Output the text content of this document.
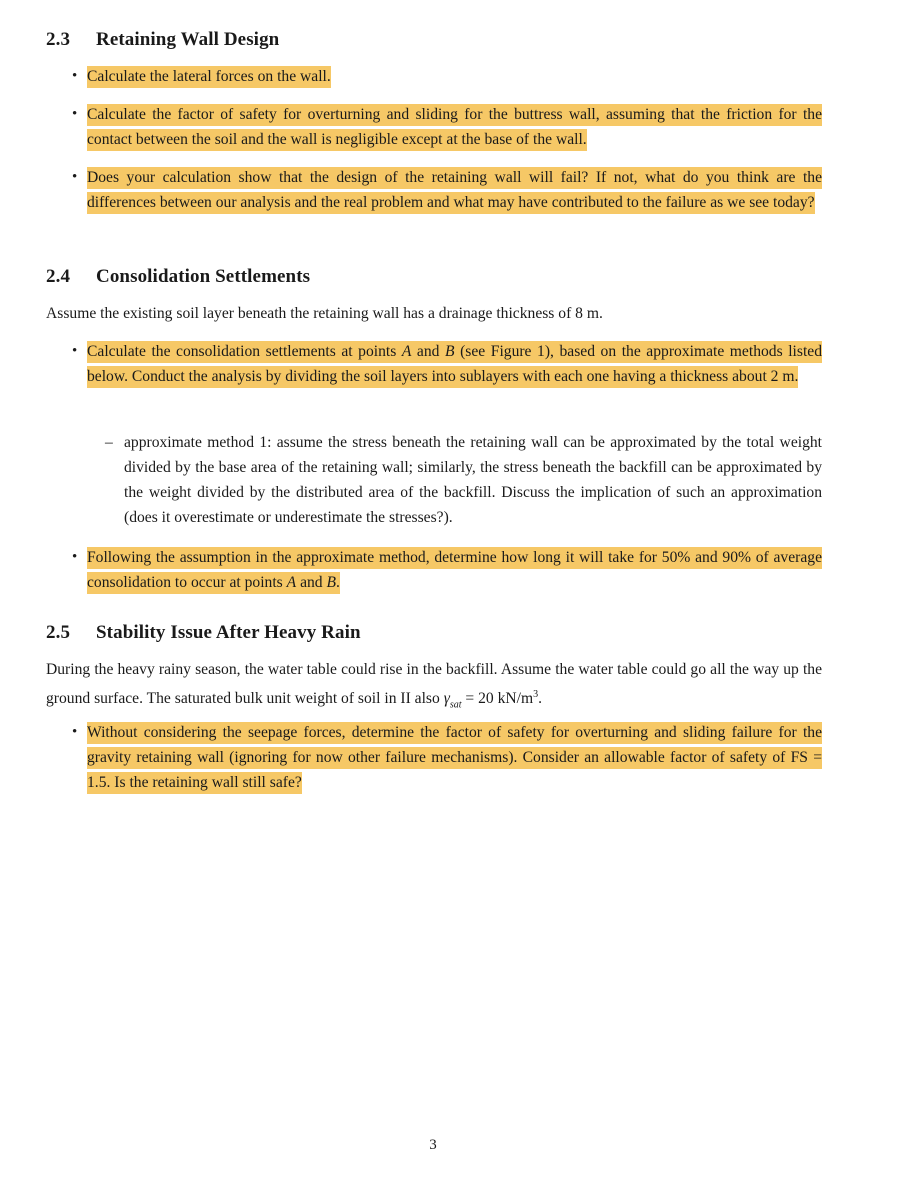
2.3 Retaining Wall Design
• Calculate the lateral forces on the wall.
• Calculate the factor of safety for overturning and sliding for the buttress wall, assuming that the friction for the contact between the soil and the wall is negligible except at the base of the wall.
• Does your calculation show that the design of the retaining wall will fail? If not, what do you think are the differences between our analysis and the real problem and what may have contributed to the failure as we see today?
2.4 Consolidation Settlements
Assume the existing soil layer beneath the retaining wall has a drainage thickness of 8 m.
• Calculate the consolidation settlements at points A and B (see Figure 1), based on the approximate methods listed below. Conduct the analysis by dividing the soil layers into sublayers with each one having a thickness about 2 m.
– approximate method 1: assume the stress beneath the retaining wall can be approximated by the total weight divided by the base area of the retaining wall; similarly, the stress beneath the backfill can be approximated by the weight divided by the distributed area of the backfill. Discuss the implication of such an approximation (does it overestimate or underestimate the stresses?).
• Following the assumption in the approximate method, determine how long it will take for 50% and 90% of average consolidation to occur at points A and B.
2.5 Stability Issue After Heavy Rain
During the heavy rainy season, the water table could rise in the backfill. Assume the water table could go all the way up the ground surface. The saturated bulk unit weight of soil in II also $\gamma_{sat} = 20$ $kN/m^3$.
• Without considering the seepage forces, determine the factor of safety for overturning and sliding failure for the gravity retaining wall (ignoring for now other failure mechanisms). Consider an allowable factor of safety of FS = 1.5. Is the retaining wall still safe?
3
